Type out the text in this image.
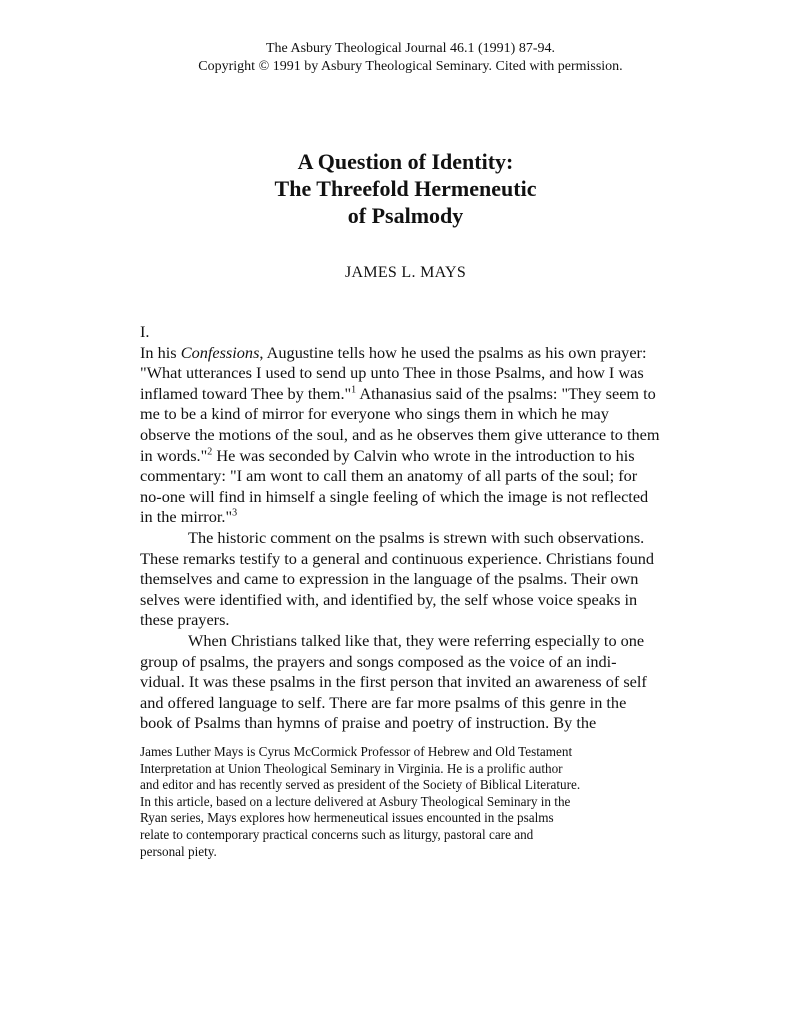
The Asbury Theological Journal 46.1 (1991) 87-94.
Copyright © 1991 by Asbury Theological Seminary. Cited with permission.
A Question of Identity:
The Threefold Hermeneutic
of Psalmody
JAMES L. MAYS

I.

In his Confessions, Augustine tells how he used the psalms as his own prayer: "What utterances I used to send up unto Thee in those Psalms, and how I was inflamed toward Thee by them."$^1$ Athanasius said of the psalms: "They seem to me to be a kind of mirror for everyone who sings them in which he may observe the motions of the soul, and as he observes them give utterance to them in words."$^2$ He was seconded by Calvin who wrote in the introduction to his commentary: "I am wont to call them an anatomy of all parts of the soul; for no-one will find in himself a single feeling of which the image is not reflected in the mirror."$^3$

The historic comment on the psalms is strewn with such observations. These remarks testify to a general and continuous experience. Christians found themselves and came to expression in the language of the psalms. Their own selves were identified with, and identified by, the self whose voice speaks in these prayers.

When Christians talked like that, they were referring especially to one group of psalms, the prayers and songs composed as the voice of an indi- vidual. It was these psalms in the first person that invited an awareness of self and offered language to self. There are far more psalms of this genre in the book of Psalms than hymns of praise and poetry of instruction. By the

James Luther Mays is Cyrus McCormick Professor of Hebrew and Old Testament
Interpretation at Union Theological Seminary in Virginia. He is a prolific author
and editor and has recently served as president of the Society of Biblical Literature.
In this article, based on a lecture delivered at Asbury Theological Seminary in the
Ryan series, Mays explores how hermeneutical issues encounted in the psalms
relate to contemporary practical concerns such as liturgy, pastoral care and
personal piety.
